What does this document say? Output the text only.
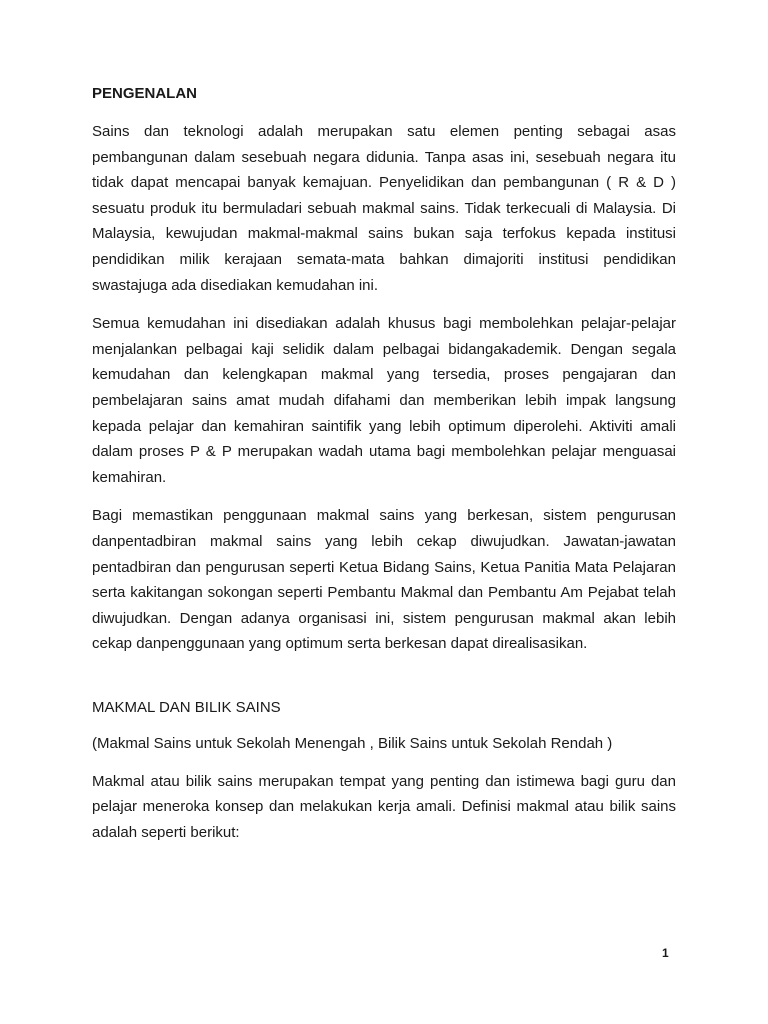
PENGENALAN

Sains dan teknologi adalah merupakan satu elemen penting sebagai asas pembangunan dalam sesebuah negara didunia. Tanpa asas ini, sesebuah negara itu tidak dapat mencapai banyak kemajuan. Penyelidikan dan pembangunan ( R & D ) sesuatu produk itu bermuladari sebuah makmal sains. Tidak terkecuali di Malaysia. Di Malaysia, kewujudan makmal-makmal sains bukan saja terfokus kepada institusi pendidikan milik kerajaan semata-mata bahkan dimajoriti institusi pendidikan swastajuga ada disediakan kemudahan ini.

Semua kemudahan ini disediakan adalah khusus bagi membolehkan pelajar-pelajar menjalankan pelbagai kaji selidik dalam pelbagai bidangakademik. Dengan segala kemudahan dan kelengkapan makmal yang tersedia, proses pengajaran dan pembelajaran sains amat mudah difahami dan memberikan lebih impak langsung kepada pelajar dan kemahiran saintifik yang lebih optimum diperolehi. Aktiviti amali dalam proses P & P merupakan wadah utama bagi membolehkan pelajar menguasai kemahiran.

Bagi memastikan penggunaan makmal sains yang berkesan, sistem pengurusan danpentadbiran makmal sains yang lebih cekap diwujudkan. Jawatan-jawatan pentadbiran dan pengurusan seperti Ketua Bidang Sains, Ketua Panitia Mata Pelajaran serta kakitangan sokongan seperti Pembantu Makmal dan Pembantu Am Pejabat telah diwujudkan. Dengan adanya organisasi ini, sistem pengurusan makmal akan lebih cekap danpenggunaan yang optimum serta berkesan dapat direalisasikan.

MAKMAL DAN BILIK SAINS
(Makmal Sains untuk Sekolah Menengah , Bilik Sains untuk Sekolah Rendah )

Makmal atau bilik sains merupakan tempat yang penting dan istimewa bagi guru dan pelajar meneroka konsep dan melakukan kerja amali. Definisi makmal atau bilik sains adalah seperti berikut:

1
